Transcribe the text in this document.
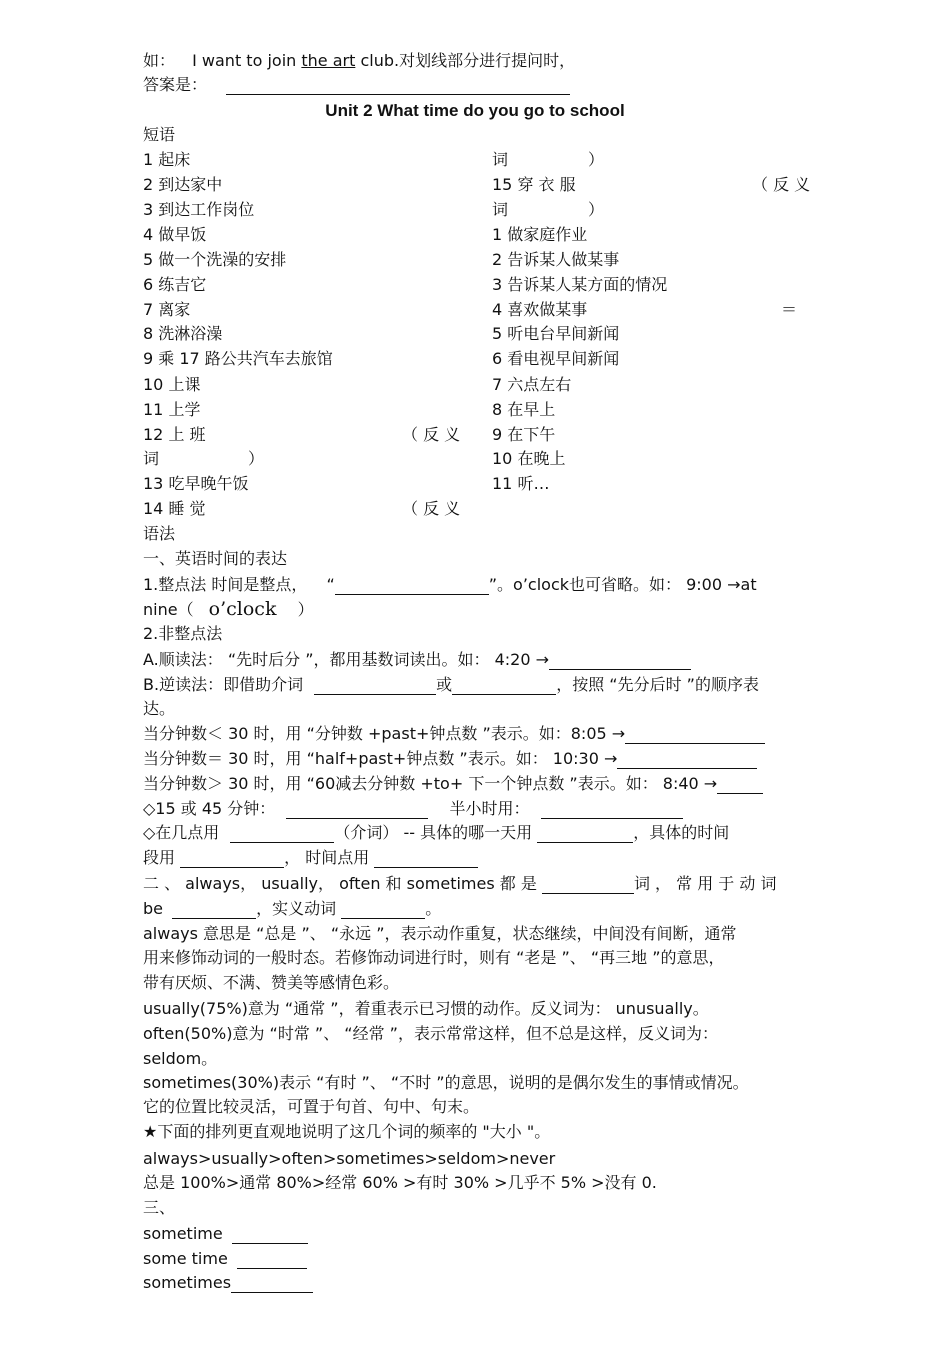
如： I want to join the art club.对划线部分进行提问时，
答案是：
Unit 2 What time do you go to school
短语
1 起床
2 到达家中
3 到达工作岗位
4 做早饭
5 做一个洗澡的安排
6 练吉它
7 离家
8 洗淋浴澡
9 乘 17 路公共汽车去旅馆
10 上课
11 上学
12 上 班	（ 反 义
词	）
13 吃早晚午饭
14 睡 觉	（ 反 义
词	）
15 穿 衣 服	（ 反 义
词	）
1 做家庭作业
2 告诉某人做某事
3 告诉某人某方面的情况
4 喜欢做某事	＝
5 听电台早间新闻
6 看电视早间新闻
7 六点左右
8 在早上
9 在下午
10 在晚上
11 听…
语法
一、英语时间的表达
1.整点法 时间是整点， “	”。o’clock也可省略。如： 9:00 →at
nine（ o’clock ）
2.非整点法
A.顺读法： “先时后分 ”，都用基数词读出。如： 4:20 →
B.逆读法：即借助介词	或	，按照 “先分后时 ”的顺序表
达。
当分钟数＜ 30 时，用 “分钟数 +past+钟点数 ”表示。如：8:05 →
当分钟数＝ 30 时，用 “half+past+钟点数 ”表示。如： 10:30 →
当分钟数＞ 30 时，用 “60减去分钟数 +to+ 下一个钟点数 ”表示。如： 8:40 →
◇15 或 45 分钟：	半小时用：
◇在几点用	（介词） -- 具体的哪一天用	，具体的时间
段用	， 时间点用
二 、 always， usually， often 和 sometimes 都 是	词 ， 常 用 于 动 词
be	，实义动词	。
always 意思是 “总是 ”、 “永远 ”，表示动作重复，状态继续，中间没有间断，通常
用来修饰动词的一般时态。若修饰动词进行时，则有 “老是 ”、 “再三地 ”的意思，
带有厌烦、不满、赞美等感情色彩。
usually(75%)意为 “通常 ”，着重表示已习惯的动作。反义词为： unusually。
often(50%)意为 “时常 ”、 “经常 ”，表示常常这样，但不总是这样，反义词为：
seldom。
sometimes(30%)表示 “有时 ”、 “不时 ”的意思，说明的是偶尔发生的事情或情况。
它的位置比较灵活，可置于句首、句中、句末。
★下面的排列更直观地说明了这几个词的频率的 "大小 "。
always>usually>often>sometimes>seldom>never
总是 100%>通常 80%>经常 60% >有时 30% >几乎不 5% >没有 0.
三、
sometime
some time
sometimes
